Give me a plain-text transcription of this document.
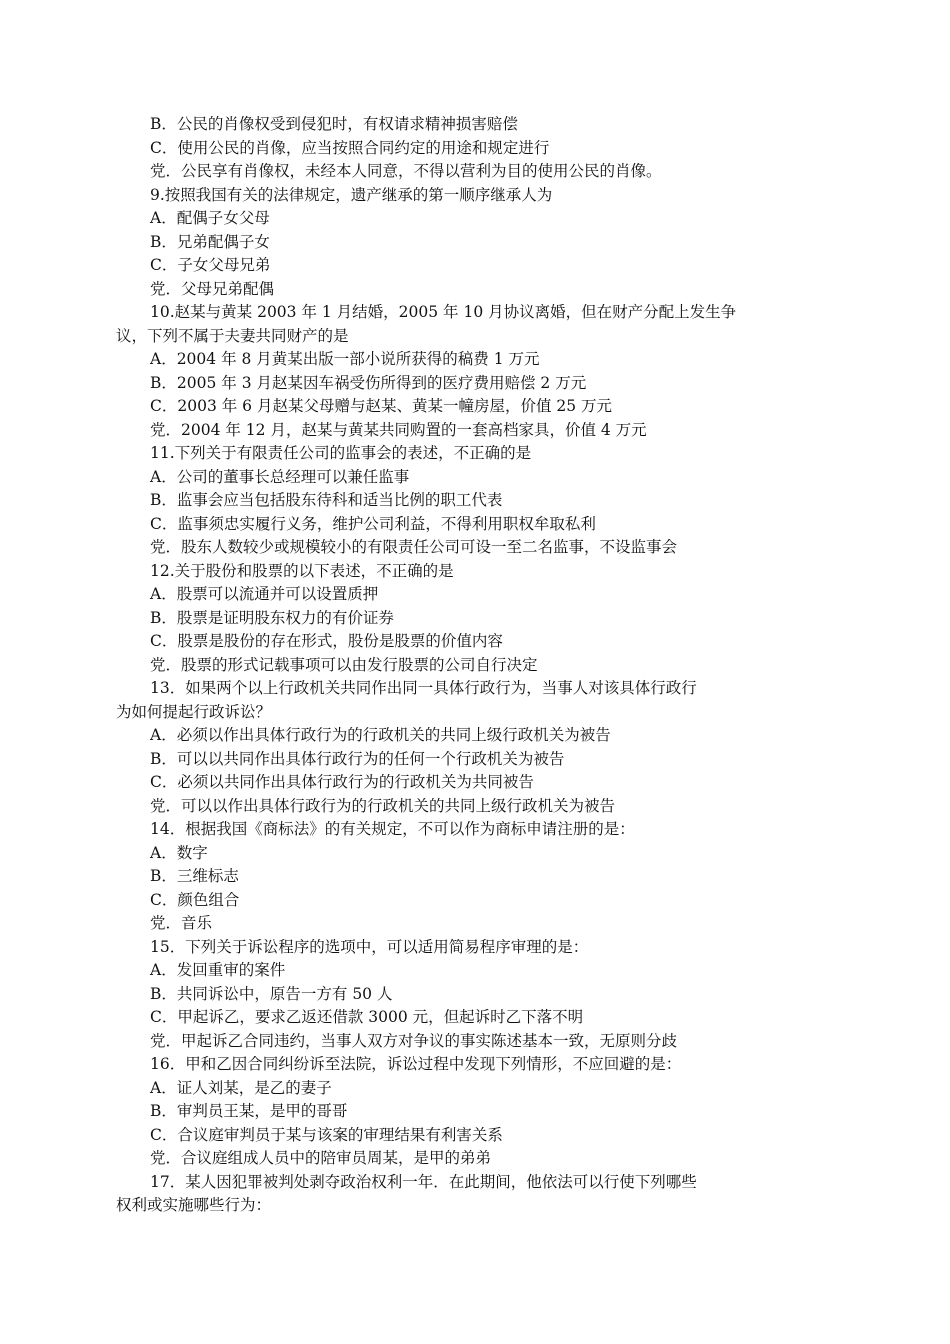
B．公民的肖像权受到侵犯时，有权请求精神损害赔偿
C．使用公民的肖像，应当按照合同约定的用途和规定进行
党．公民享有肖像权，未经本人同意，不得以营利为目的使用公民的肖像。
9.按照我国有关的法律规定，遗产继承的第一顺序继承人为
A．配偶子女父母
B．兄弟配偶子女
C．子女父母兄弟
党．父母兄弟配偶
10.赵某与黄某 2003 年 1 月结婚，2005 年 10 月协议离婚，但在财产分配上发生争
议，下列不属于夫妻共同财产的是
A．2004 年 8 月黄某出版一部小说所获得的稿费 1 万元
B．2005 年 3 月赵某因车祸受伤所得到的医疗费用赔偿 2 万元
C．2003 年 6 月赵某父母赠与赵某、黄某一幢房屋，价值 25 万元
党．2004 年 12 月，赵某与黄某共同购置的一套高档家具，价值 4 万元
11.下列关于有限责任公司的监事会的表述，不正确的是
A．公司的董事长总经理可以兼任监事
B．监事会应当包括股东待科和适当比例的职工代表
C．监事须忠实履行义务，维护公司利益，不得利用职权牟取私利
党．股东人数较少或规模较小的有限责任公司可设一至二名监事，不设监事会
12.关于股份和股票的以下表述，不正确的是
A．股票可以流通并可以设置质押
B．股票是证明股东权力的有价证券
C．股票是股份的存在形式，股份是股票的价值内容
党．股票的形式记载事项可以由发行股票的公司自行决定
13．如果两个以上行政机关共同作出同一具体行政行为，当事人对该具体行政行
为如何提起行政诉讼？
A．必须以作出具体行政行为的行政机关的共同上级行政机关为被告
B．可以以共同作出具体行政行为的任何一个行政机关为被告
C．必须以共同作出具体行政行为的行政机关为共同被告
党．可以以作出具体行政行为的行政机关的共同上级行政机关为被告
14．根据我国《商标法》的有关规定，不可以作为商标申请注册的是：
A．数字
B．三维标志
C．颜色组合
党．音乐
15．下列关于诉讼程序的选项中，可以适用简易程序审理的是：
A．发回重审的案件
B．共同诉讼中，原告一方有 50 人
C．甲起诉乙，要求乙返还借款 3000 元，但起诉时乙下落不明
党．甲起诉乙合同违约，当事人双方对争议的事实陈述基本一致，无原则分歧
16．甲和乙因合同纠纷诉至法院，诉讼过程中发现下列情形，不应回避的是：
A．证人刘某，是乙的妻子
B．审判员王某，是甲的哥哥
C．合议庭审判员于某与该案的审理结果有利害关系
党．合议庭组成人员中的陪审员周某，是甲的弟弟
17．某人因犯罪被判处剥夺政治权利一年．在此期间，他依法可以行使下列哪些
权利或实施哪些行为：
